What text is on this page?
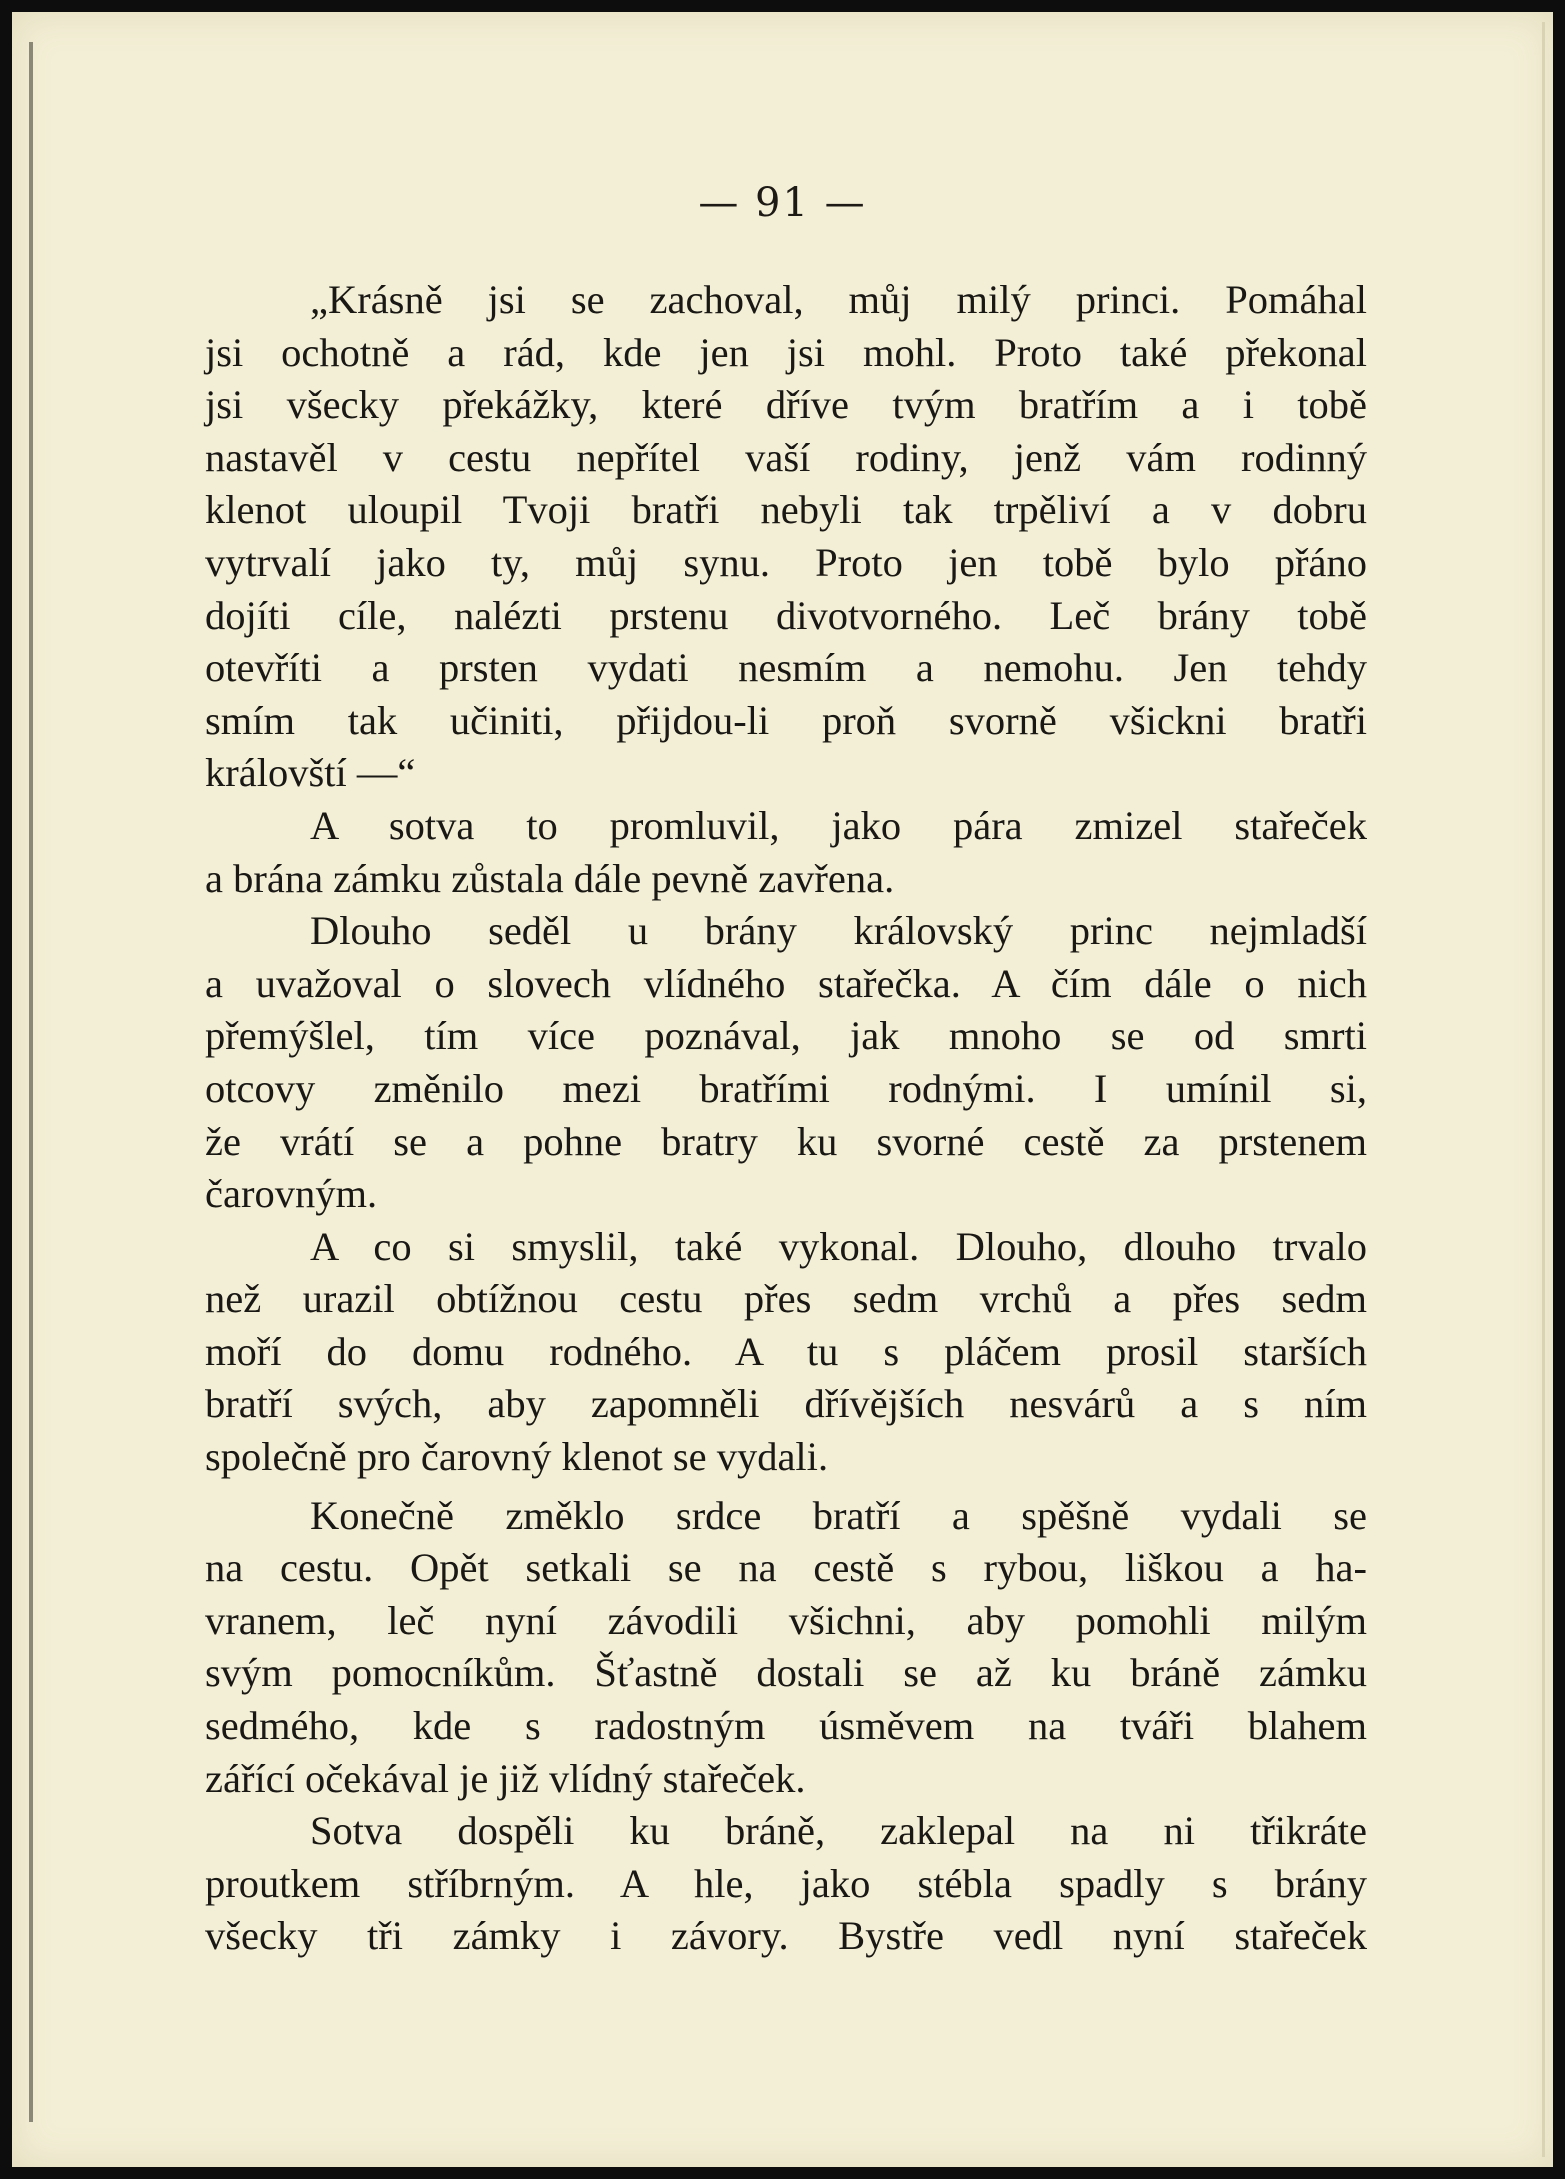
— 91 —
„Krásně jsi se zachoval, můj milý princi. Pomáhal
jsi ochotně a rád, kde jen jsi mohl. Proto také překonal
jsi všecky překážky, které dříve tvým bratřím a i tobě
nastavěl v cestu nepřítel vaší rodiny, jenž vám rodinný
klenot uloupil Tvoji bratři nebyli tak trpěliví a v dobru
vytrvalí jako ty, můj synu. Proto jen tobě bylo přáno
dojíti cíle, nalézti prstenu divotvorného. Leč brány tobě
otevříti a prsten vydati nesmím a nemohu. Jen tehdy
smím tak učiniti, přijdou-li proň svorně všickni bratři
královští —“
A sotva to promluvil, jako pára zmizel stařeček
a brána zámku zůstala dále pevně zavřena.
Dlouho seděl u brány královský princ nejmladší
a uvažoval o slovech vlídného stařečka. A čím dále o nich
přemýšlel, tím více poznával, jak mnoho se od smrti
otcovy změnilo mezi bratřími rodnými. I umínil si,
že vrátí se a pohne bratry ku svorné cestě za prstenem
čarovným.
A co si smyslil, také vykonal. Dlouho, dlouho trvalo
než urazil obtížnou cestu přes sedm vrchů a přes sedm
moří do domu rodného. A tu s pláčem prosil starších
bratří svých, aby zapomněli dřívějších nesvárů a s ním
společně pro čarovný klenot se vydali.
Konečně změklo srdce bratří a spěšně vydali se
na cestu. Opět setkali se na cestě s rybou, liškou a ha-
vranem, leč nyní závodili všichni, aby pomohli milým
svým pomocníkům. Šťastně dostali se až ku bráně zámku
sedmého, kde s radostným úsměvem na tváři blahem
zářící očekával je již vlídný stařeček.
Sotva dospěli ku bráně, zaklepal na ni třikráte
proutkem stříbrným. A hle, jako stébla spadly s brány
všecky tři zámky i závory. Bystře vedl nyní stařeček
